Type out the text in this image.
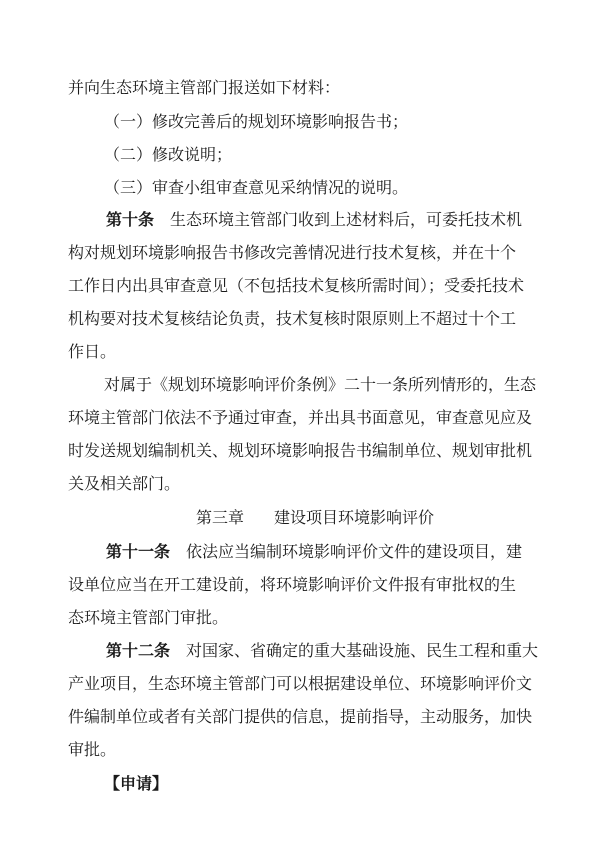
并向生态环境主管部门报送如下材料：
（一）修改完善后的规划环境影响报告书；
（二）修改说明；
（三）审查小组审查意见采纳情况的说明。
第十条 生态环境主管部门收到上述材料后，可委托技术机
构对规划环境影响报告书修改完善情况进行技术复核，并在十个
工作日内出具审查意见（不包括技术复核所需时间）；受委托技术
机构要对技术复核结论负责，技术复核时限原则上不超过十个工
作日。
对属于《规划环境影响评价条例》二十一条所列情形的，生态
环境主管部门依法不予通过审查，并出具书面意见，审查意见应及
时发送规划编制机关、规划环境影响报告书编制单位、规划审批机
关及相关部门。
第三章 建设项目环境影响评价
第十一条 依法应当编制环境影响评价文件的建设项目，建
设单位应当在开工建设前，将环境影响评价文件报有审批权的生
态环境主管部门审批。
第十二条 对国家、省确定的重大基础设施、民生工程和重大
产业项目，生态环境主管部门可以根据建设单位、环境影响评价文
件编制单位或者有关部门提供的信息，提前指导，主动服务，加快
审批。
【申请】
